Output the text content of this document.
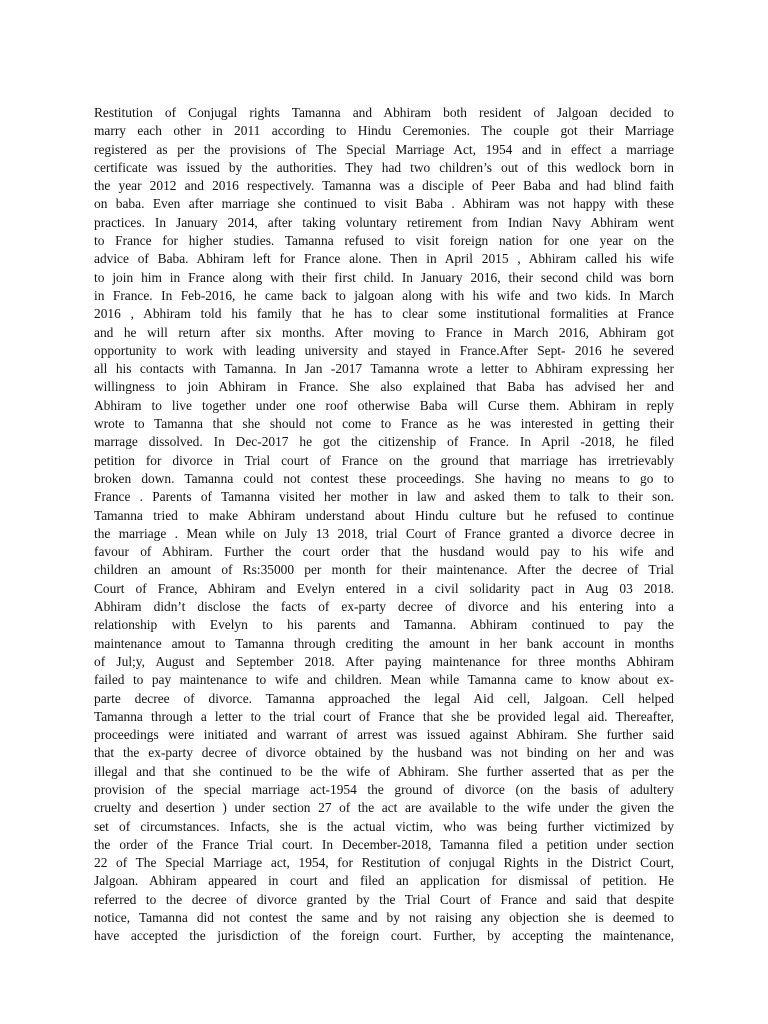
Restitution of Conjugal rights Tamanna and Abhiram both resident of Jalgoan decided to
marry each other in 2011 according to Hindu Ceremonies. The couple got their Marriage
registered as per the provisions of The Special Marriage Act, 1954 and in effect a marriage
certificate was issued by the authorities. They had two children’s out of this wedlock born in
the year 2012 and 2016 respectively. Tamanna was a disciple of Peer Baba and had blind faith
on baba. Even after marriage she continued to visit Baba . Abhiram was not happy with these
practices. In January 2014, after taking voluntary retirement from Indian Navy Abhiram went
to France for higher studies. Tamanna refused to visit foreign nation for one year on the
advice of Baba. Abhiram left for France alone. Then in April 2015 , Abhiram called his wife
to join him in France along with their first child. In January 2016, their second child was born
in France. In Feb-2016, he came back to jalgoan along with his wife and two kids. In March
2016 , Abhiram told his family that he has to clear some institutional formalities at France
and he will return after six months. After moving to France in March 2016, Abhiram got
opportunity to work with leading university and stayed in France.After Sept- 2016 he severed
all his contacts with Tamanna. In Jan -2017 Tamanna wrote a letter to Abhiram expressing her
willingness to join Abhiram in France. She also explained that Baba has advised her and
Abhiram to live together under one roof otherwise Baba will Curse them. Abhiram in reply
wrote to Tamanna that she should not come to France as he was interested in getting their
marrage dissolved. In Dec-2017 he got the citizenship of France. In April -2018, he filed
petition for divorce in Trial court of France on the ground that marriage has irretrievably
broken down. Tamanna could not contest these proceedings. She having no means to go to
France . Parents of Tamanna visited her mother in law and asked them to talk to their son.
Tamanna tried to make Abhiram understand about Hindu culture but he refused to continue
the marriage . Mean while on July 13 2018, trial Court of France granted a divorce decree in
favour of Abhiram. Further the court order that the husdand would pay to his wife and
children an amount of Rs:35000 per month for their maintenance. After the decree of Trial
Court of France, Abhiram and Evelyn entered in a civil solidarity pact in Aug 03 2018.
Abhiram didn’t disclose the facts of ex-party decree of divorce and his entering into a
relationship with Evelyn to his parents and Tamanna. Abhiram continued to pay the
maintenance amout to Tamanna through crediting the amount in her bank account in months
of Jul;y, August and September 2018. After paying maintenance for three months Abhiram
failed to pay maintenance to wife and children. Mean while Tamanna came to know about ex-
parte decree of divorce. Tamanna approached the legal Aid cell, Jalgoan. Cell helped
Tamanna through a letter to the trial court of France that she be provided legal aid. Thereafter,
proceedings were initiated and warrant of arrest was issued against Abhiram. She further said
that the ex-party decree of divorce obtained by the husband was not binding on her and was
illegal and that she continued to be the wife of Abhiram. She further asserted that as per the
provision of the special marriage act-1954 the ground of divorce (on the basis of adultery
cruelty and desertion ) under section 27 of the act are available to the wife under the given the
set of circumstances. Infacts, she is the actual victim, who was being further victimized by
the order of the France Trial court. In December-2018, Tamanna filed a petition under section
22 of The Special Marriage act, 1954, for Restitution of conjugal Rights in the District Court,
Jalgoan. Abhiram appeared in court and filed an application for dismissal of petition. He
referred to the decree of divorce granted by the Trial Court of France and said that despite
notice, Tamanna did not contest the same and by not raising any objection she is deemed to
have accepted the jurisdiction of the foreign court. Further, by accepting the maintenance,
